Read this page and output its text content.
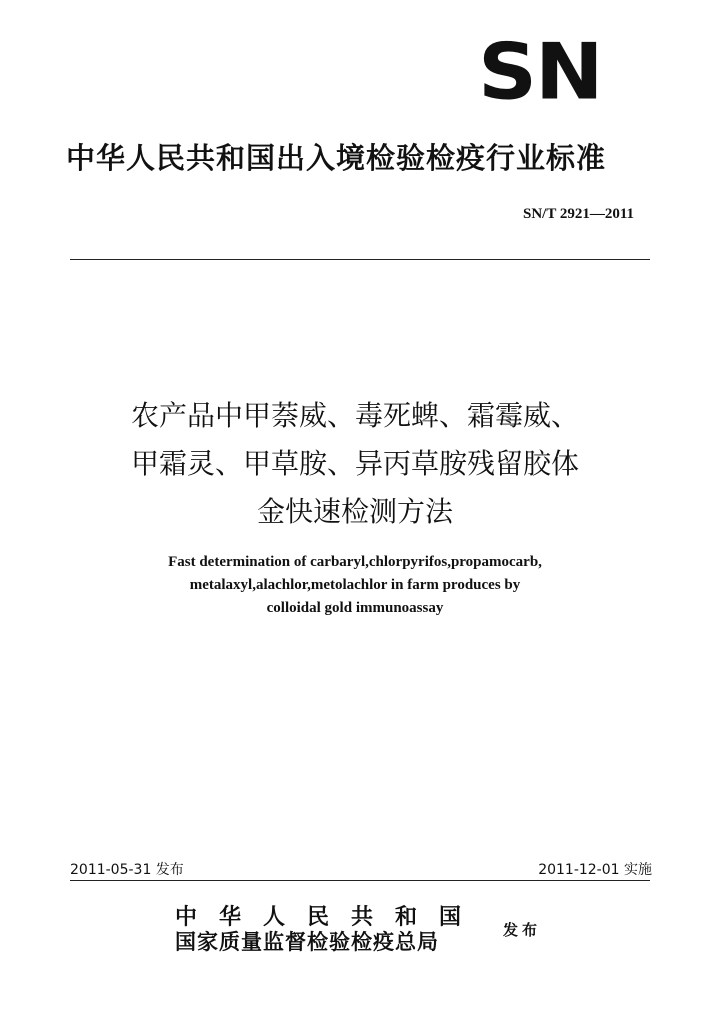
SN
中华人民共和国出入境检验检疫行业标准
SN/T 2921—2011
农产品中甲萘威、毒死蜱、霜霉威、
甲霜灵、甲草胺、异丙草胺残留胶体
金快速检测方法
Fast determination of carbaryl,chlorpyrifos,propamocarb,
metalaxyl,alachlor,metolachlor in farm produces by
colloidal gold immunoassay
2011-05-31 发布	2011-12-01 实施
中华人民共和国
国家质量监督检验检疫总局	发布
